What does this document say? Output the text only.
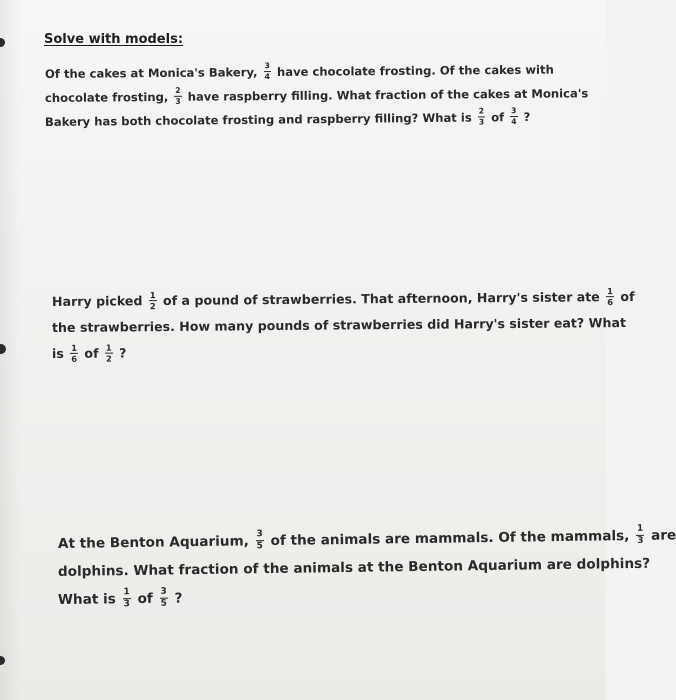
Solve with models:
Of the cakes at Monica's Bakery, $\frac{3}{4}$ have chocolate frosting. Of the cakes with
chocolate frosting, $\frac{2}{3}$ have raspberry filling. What fraction of the cakes at Monica's
Bakery has both chocolate frosting and raspberry filling? What is $\frac{2}{3}$ of $\frac{3}{4}$ ?
Harry picked $\frac{1}{2}$ of a pound of strawberries. That afternoon, Harry's sister ate $\frac{1}{6}$ of
the strawberries. How many pounds of strawberries did Harry's sister eat? What
is $\frac{1}{6}$ of $\frac{1}{2}$ ?
At the Benton Aquarium, $\frac{3}{5}$ of the animals are mammals. Of the mammals, $\frac{1}{3}$ are
dolphins. What fraction of the animals at the Benton Aquarium are dolphins?
What is $\frac{1}{3}$ of $\frac{3}{5}$ ?
